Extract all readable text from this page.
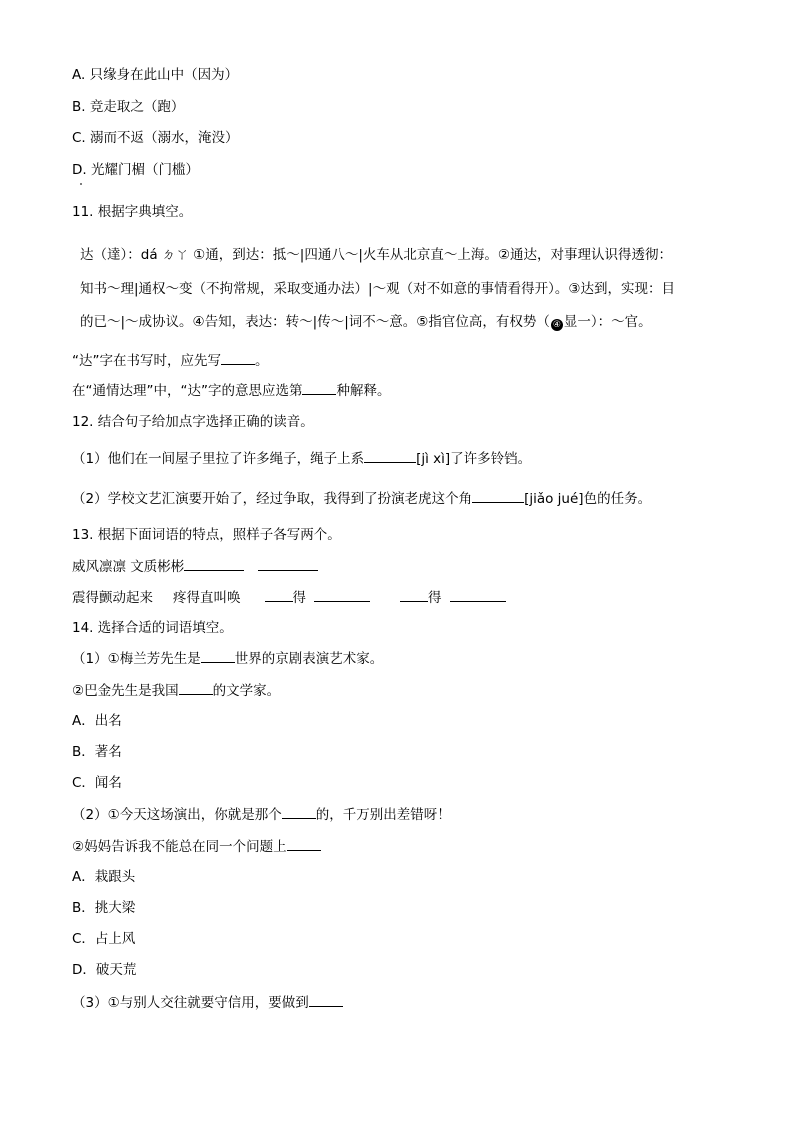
A. 只缘身在此山中（因为）
B. 竞走取之（跑）
C. 溺而不返（溺水，淹没）
D. 光耀门楣（门槛）
11. 根据字典填空。
达（達）：dá ㄉㄚ ①通，到达：抵～|四通八～|火车从北京直～上海。②通达，对事理认识得透彻：
知书～理|通权～变（不拘常规，采取变通办法）|～观（对不如意的事情看得开）。③达到，实现：目
的已～|～成协议。④告知，表达：转～|传～|词不～意。⑤指官位高，有权势（ ④ 显一）：～官。
“达”字在书写时，应先写	。
在“通情达理”中，“达”字的意思应选第	种解释。
12. 结合句子给加点字选择正确的读音。
（1）他们在一间屋子里拉了许多绳子，绳子上系	[jì xì]了许多铃铛。
（2）学校文艺汇演要开始了，经过争取，我得到了扮演老虎这个角	[jiǎo jué]色的任务。
13. 根据下面词语的特点，照样子各写两个。
威风凛凛 文质彬彬
震得颤动起来 疼得直叫唤	得	得
14. 选择合适的词语填空。
（1）①梅兰芳先生是	世界的京剧表演艺术家。
②巴金先生是我国	的文学家。
A．出名
B．著名
C．闻名
（2）①今天这场演出，你就是那个	的，千万别出差错呀！
②妈妈告诉我不能总在同一个问题上
A．栽跟头
B．挑大梁
C．占上风
D．破天荒
（3）①与别人交往就要守信用，要做到
